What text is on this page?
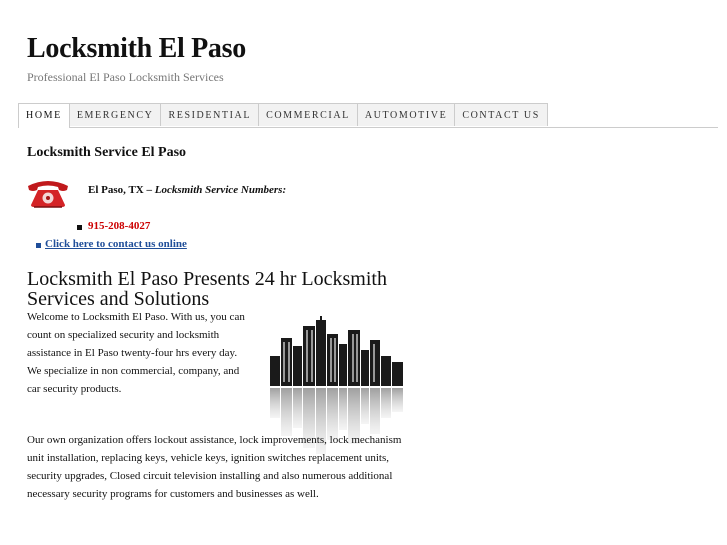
Locksmith El Paso
Professional El Paso Locksmith Services
HOME	EMERGENCY	RESIDENTIAL	COMMERCIAL	AUTOMOTIVE	CONTACT US
Locksmith Service El Paso
El Paso, TX – Locksmith Service Numbers:
915-208-4027
Click here to contact us online
Locksmith El Paso Presents 24 hr Locksmith Services and Solutions

Welcome to Locksmith El Paso. With us, you can count on specialized security and locksmith assistance in El Paso twenty-four hrs every day. We specialize in non commercial, company, and car security products.

Our own organization offers lockout assistance, lock improvements, lock mechanism unit installation, replacing keys, vehicle keys, ignition switches replacement units, security upgrades, Closed circuit television installing and also numerous additional necessary security programs for customers and businesses as well.
